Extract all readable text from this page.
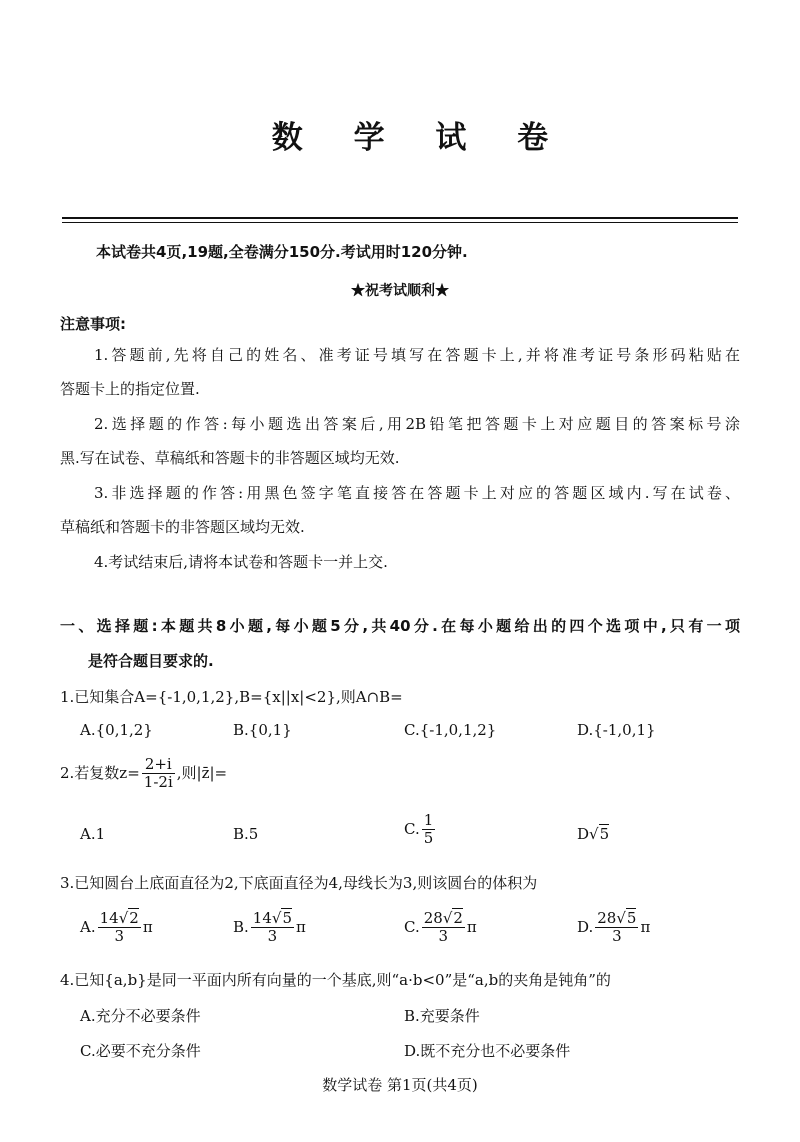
数 学 试 卷
本试卷共4页,19题,全卷满分150分.考试用时120分钟.
★祝考试顺利★
注意事项:
1.答题前,先将自己的姓名、准考证号填写在答题卡上,并将准考证号条形码粘贴在
答题卡上的指定位置.
2.选择题的作答:每小题选出答案后,用2B铅笔把答题卡上对应题目的答案标号涂
黑.写在试卷、草稿纸和答题卡的非答题区域均无效.
3.非选择题的作答:用黑色签字笔直接答在答题卡上对应的答题区域内.写在试卷、
草稿纸和答题卡的非答题区域均无效.
4.考试结束后,请将本试卷和答题卡一并上交.
一、选择题:本题共8小题,每小题5分,共40分.在每小题给出的四个选项中,只有一项
是符合题目要求的.
1.已知集合A={-1,0,1,2},B={x||x|<2},则A∩B=
A.{0,1,2}	B.{0,1}	C.{-1,0,1,2}	D.{-1,0,1}
2.若复数$z= \frac{2+i}{1-2i}$ ,则|z̄|=
A.1	B.5	C. $\frac{1}{5}$	D√5
3.已知圆台上底面直径为2,下底面直径为4,母线长为3,则该圆台的体积为
A. $\frac{14√2}{3}$ π	B. $\frac{14√5}{3}$ π	C. $\frac{28√2}{3}$ π	D. $\frac{28√5}{3}$ π
4.已知{a,b}是同一平面内所有向量的一个基底,则“a·b<0”是“a,b的夹角是钝角”的
A.充分不必要条件	B.充要条件
C.必要不充分条件	D.既不充分也不必要条件
数学试卷 第1页(共4页)
